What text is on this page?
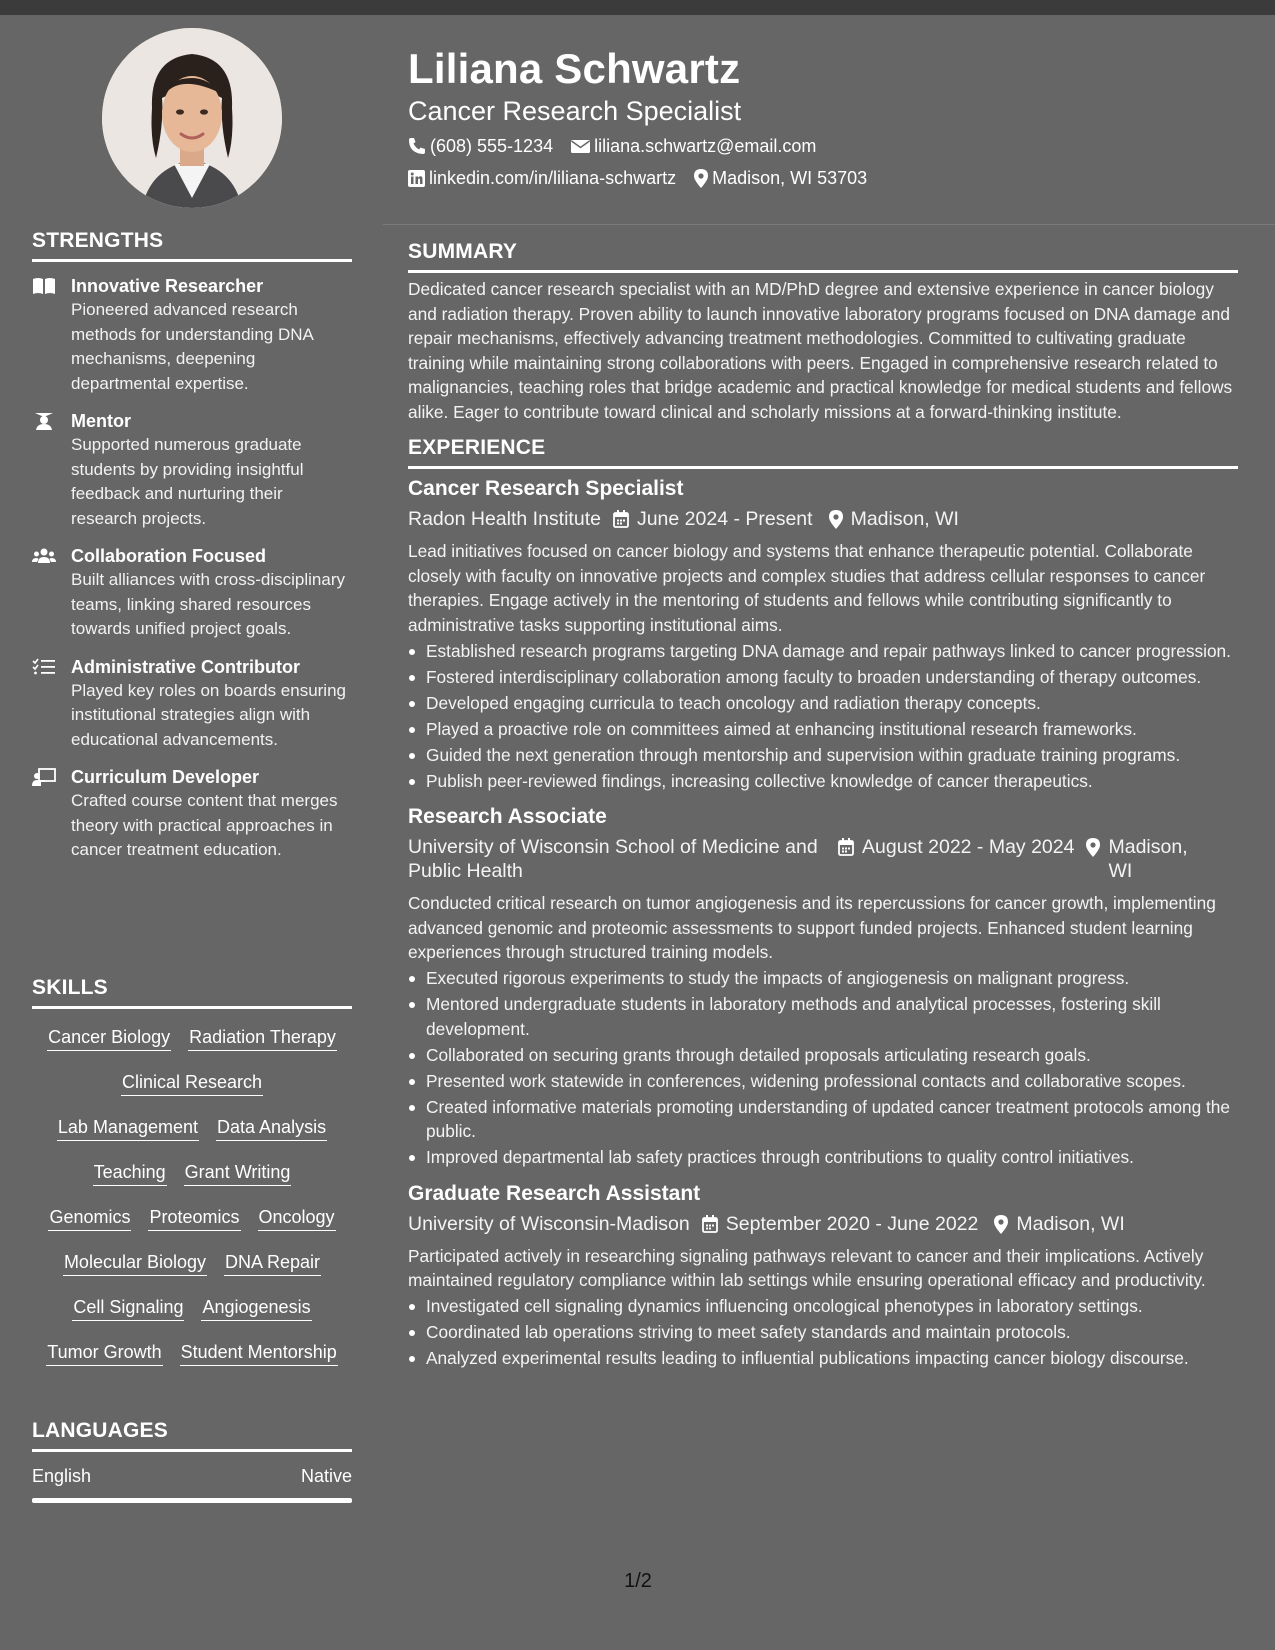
STRENGTHS
Innovative Researcher
Pioneered advanced research methods for understanding DNA mechanisms, deepening departmental expertise.
Mentor
Supported numerous graduate students by providing insightful feedback and nurturing their research projects.
Collaboration Focused
Built alliances with cross-disciplinary teams, linking shared resources towards unified project goals.
Administrative Contributor
Played key roles on boards ensuring institutional strategies align with educational advancements.
Curriculum Developer
Crafted course content that merges theory with practical approaches in cancer treatment education.
SKILLS
Cancer Biology Radiation Therapy
Clinical Research
Lab Management Data Analysis
Teaching Grant Writing
Genomics Proteomics Oncology
Molecular Biology DNA Repair
Cell Signaling Angiogenesis
Tumor Growth Student Mentorship
LANGUAGES
English	Native
Liliana Schwartz
Cancer Research Specialist
(608) 555-1234 liliana.schwartz@email.com
linkedin.com/in/liliana-schwartz Madison, WI 53703
SUMMARY
Dedicated cancer research specialist with an MD/PhD degree and extensive experience in cancer biology and radiation therapy. Proven ability to launch innovative laboratory programs focused on DNA damage and repair mechanisms, effectively advancing treatment methodologies. Committed to cultivating graduate training while maintaining strong collaborations with peers. Engaged in comprehensive research related to malignancies, teaching roles that bridge academic and practical knowledge for medical students and fellows alike. Eager to contribute toward clinical and scholarly missions at a forward-thinking institute.
EXPERIENCE
Cancer Research Specialist
Radon Health Institute June 2024 - Present Madison, WI
Lead initiatives focused on cancer biology and systems that enhance therapeutic potential. Collaborate closely with faculty on innovative projects and complex studies that address cellular responses to cancer therapies. Engage actively in the mentoring of students and fellows while contributing significantly to administrative tasks supporting institutional aims.
Established research programs targeting DNA damage and repair pathways linked to cancer progression.
Fostered interdisciplinary collaboration among faculty to broaden understanding of therapy outcomes.
Developed engaging curricula to teach oncology and radiation therapy concepts.
Played a proactive role on committees aimed at enhancing institutional research frameworks.
Guided the next generation through mentorship and supervision within graduate training programs.
Publish peer-reviewed findings, increasing collective knowledge of cancer therapeutics.
Research Associate
University of Wisconsin School of Medicine and Public Health
August 2022 - May 2024 Madison, WI
Conducted critical research on tumor angiogenesis and its repercussions for cancer growth, implementing advanced genomic and proteomic assessments to support funded projects. Enhanced student learning experiences through structured training models.
Executed rigorous experiments to study the impacts of angiogenesis on malignant progress.
Mentored undergraduate students in laboratory methods and analytical processes, fostering skill development.
Collaborated on securing grants through detailed proposals articulating research goals.
Presented work statewide in conferences, widening professional contacts and collaborative scopes.
Created informative materials promoting understanding of updated cancer treatment protocols among the public.
Improved departmental lab safety practices through contributions to quality control initiatives.
Graduate Research Assistant
University of Wisconsin-Madison September 2020 - June 2022 Madison, WI
Participated actively in researching signaling pathways relevant to cancer and their implications. Actively maintained regulatory compliance within lab settings while ensuring operational efficacy and productivity.
Investigated cell signaling dynamics influencing oncological phenotypes in laboratory settings.
Coordinated lab operations striving to meet safety standards and maintain protocols.
Analyzed experimental results leading to influential publications impacting cancer biology discourse.
1/2
